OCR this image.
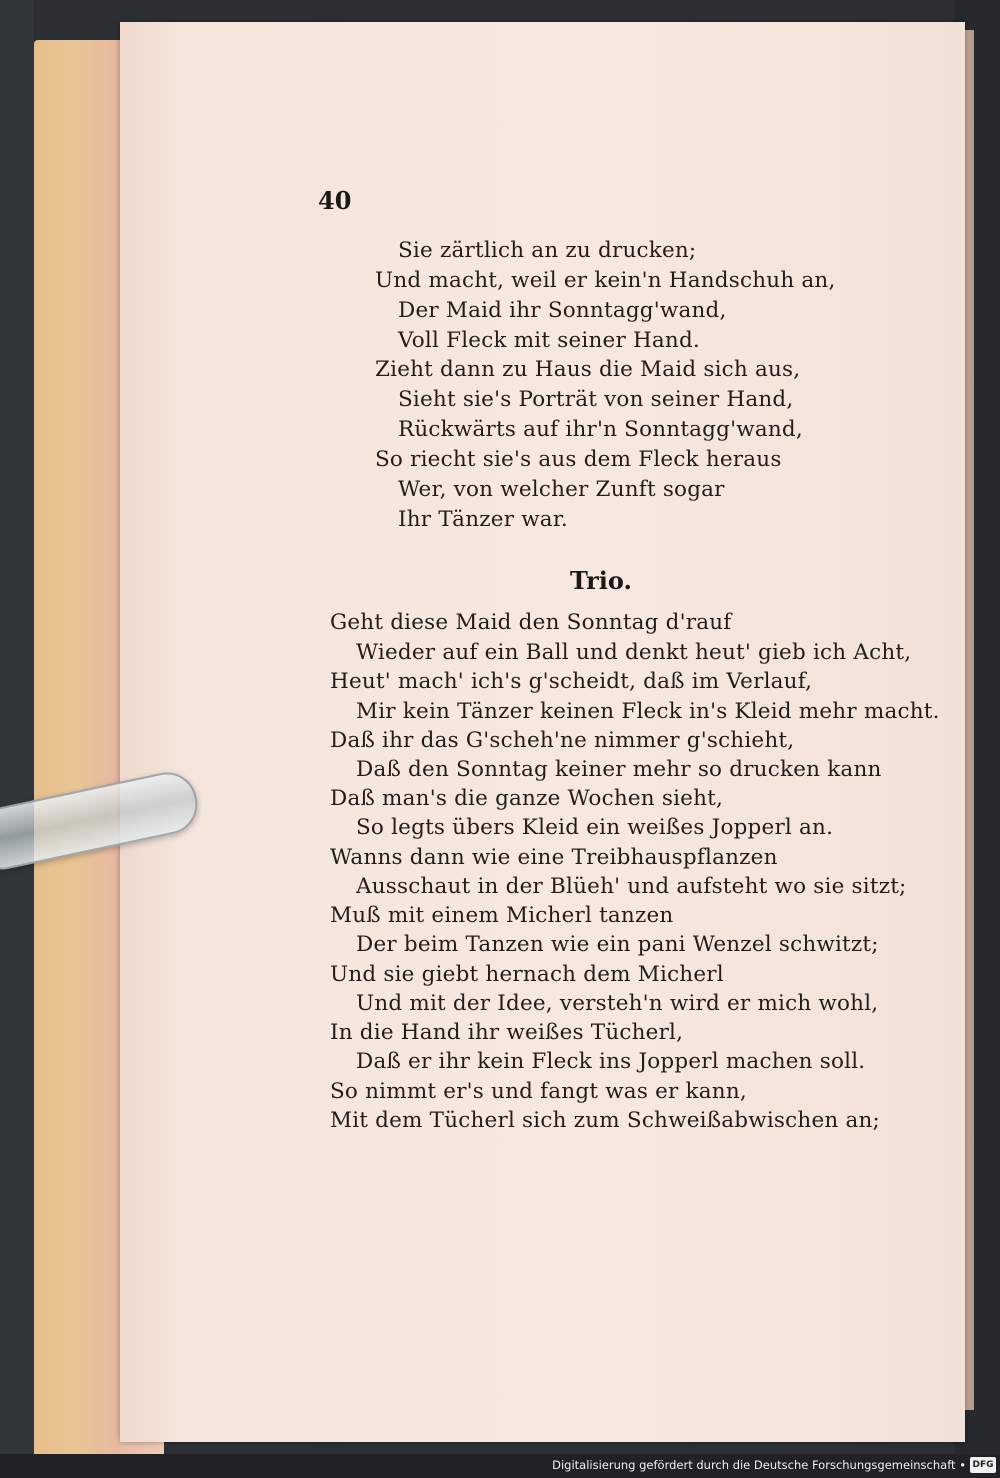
40
Sie zärtlich an zu drucken;
Und macht, weil er kein'n Handschuh an,
Der Maid ihr Sonntagg'wand,
Voll Fleck mit seiner Hand.
Zieht dann zu Haus die Maid sich aus,
Sieht sie's Porträt von seiner Hand,
Rückwärts auf ihr'n Sonntagg'wand,
So riecht sie's aus dem Fleck heraus
Wer, von welcher Zunft sogar
Ihr Tänzer war.
Trio.
Geht diese Maid den Sonntag d'rauf
Wieder auf ein Ball und denkt heut' gieb ich Acht,
Heut' mach' ich's g'scheidt, daß im Verlauf,
Mir kein Tänzer keinen Fleck in's Kleid mehr macht.
Daß ihr das G'scheh'ne nimmer g'schieht,
Daß den Sonntag keiner mehr so drucken kann
Daß man's die ganze Wochen sieht,
So legts übers Kleid ein weißes Jopperl an.
Wanns dann wie eine Treibhauspflanzen
Ausschaut in der Blüeh' und aufsteht wo sie sitzt;
Muß mit einem Micherl tanzen
Der beim Tanzen wie ein pani Wenzel schwitzt;
Und sie giebt hernach dem Micherl
Und mit der Idee, versteh'n wird er mich wohl,
In die Hand ihr weißes Tücherl,
Daß er ihr kein Fleck ins Jopperl machen soll.
So nimmt er's und fangt was er kann,
Mit dem Tücherl sich zum Schweißabwischen an;
Digitalisierung gefördert durch die Deutsche Forschungsgemeinschaft • DFG
